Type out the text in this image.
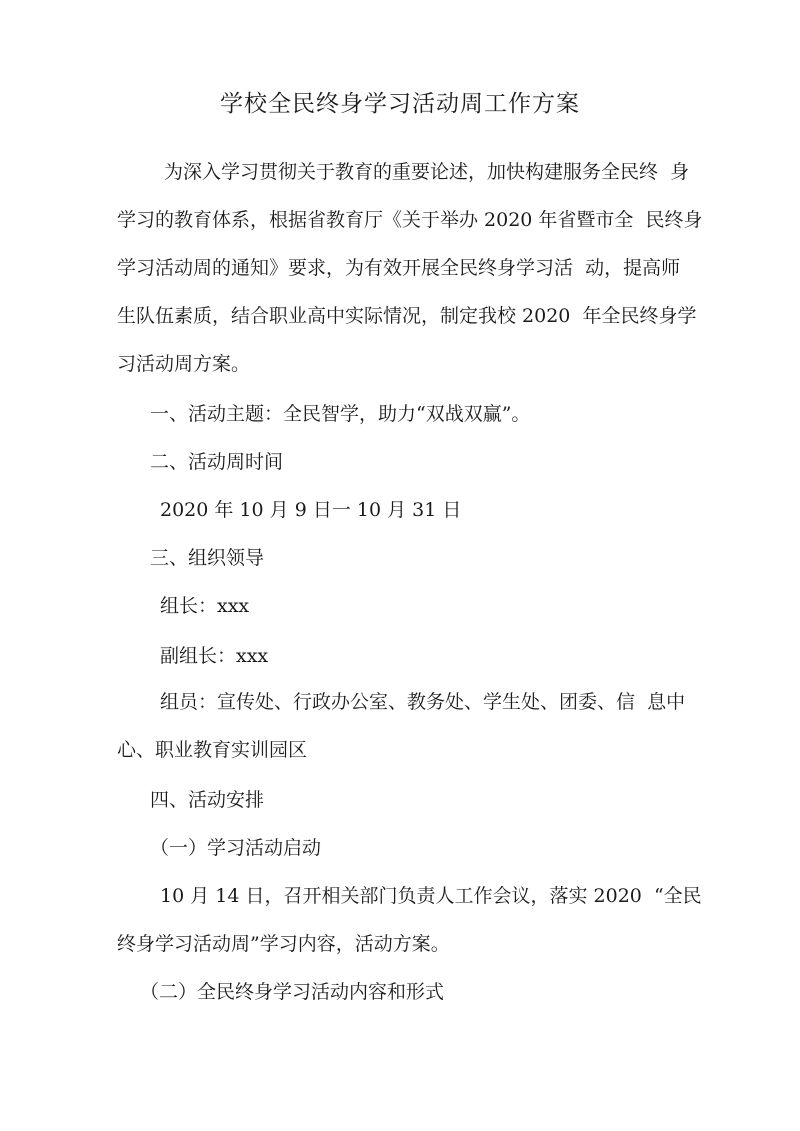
学校全民终身学习活动周工作方案
为深入学习贯彻关于教育的重要论述，加快构建服务全民终  身
学习的教育体系，根据省教育厅《关于举办 2020 年省暨市全  民终身
学习活动周的通知》要求，为有效开展全民终身学习活  动，提高师
生队伍素质，结合职业高中实际情况，制定我校 2020  年全民终身学
习活动周方案。
一、活动主题：全民智学，助力“双战双赢”。
二、活动周时间
2020 年 10 月 9 日一 10 月 31 日
三、组织领导
组长：xxx
副组长：xxx
组员：宣传处、行政办公室、教务处、学生处、团委、信  息中
心、职业教育实训园区
四、活动安排
（一）学习活动启动
10 月 14 日，召开相关部门负责人工作会议，落实 2020  “全民
终身学习活动周”学习内容，活动方案。
（二）全民终身学习活动内容和形式
